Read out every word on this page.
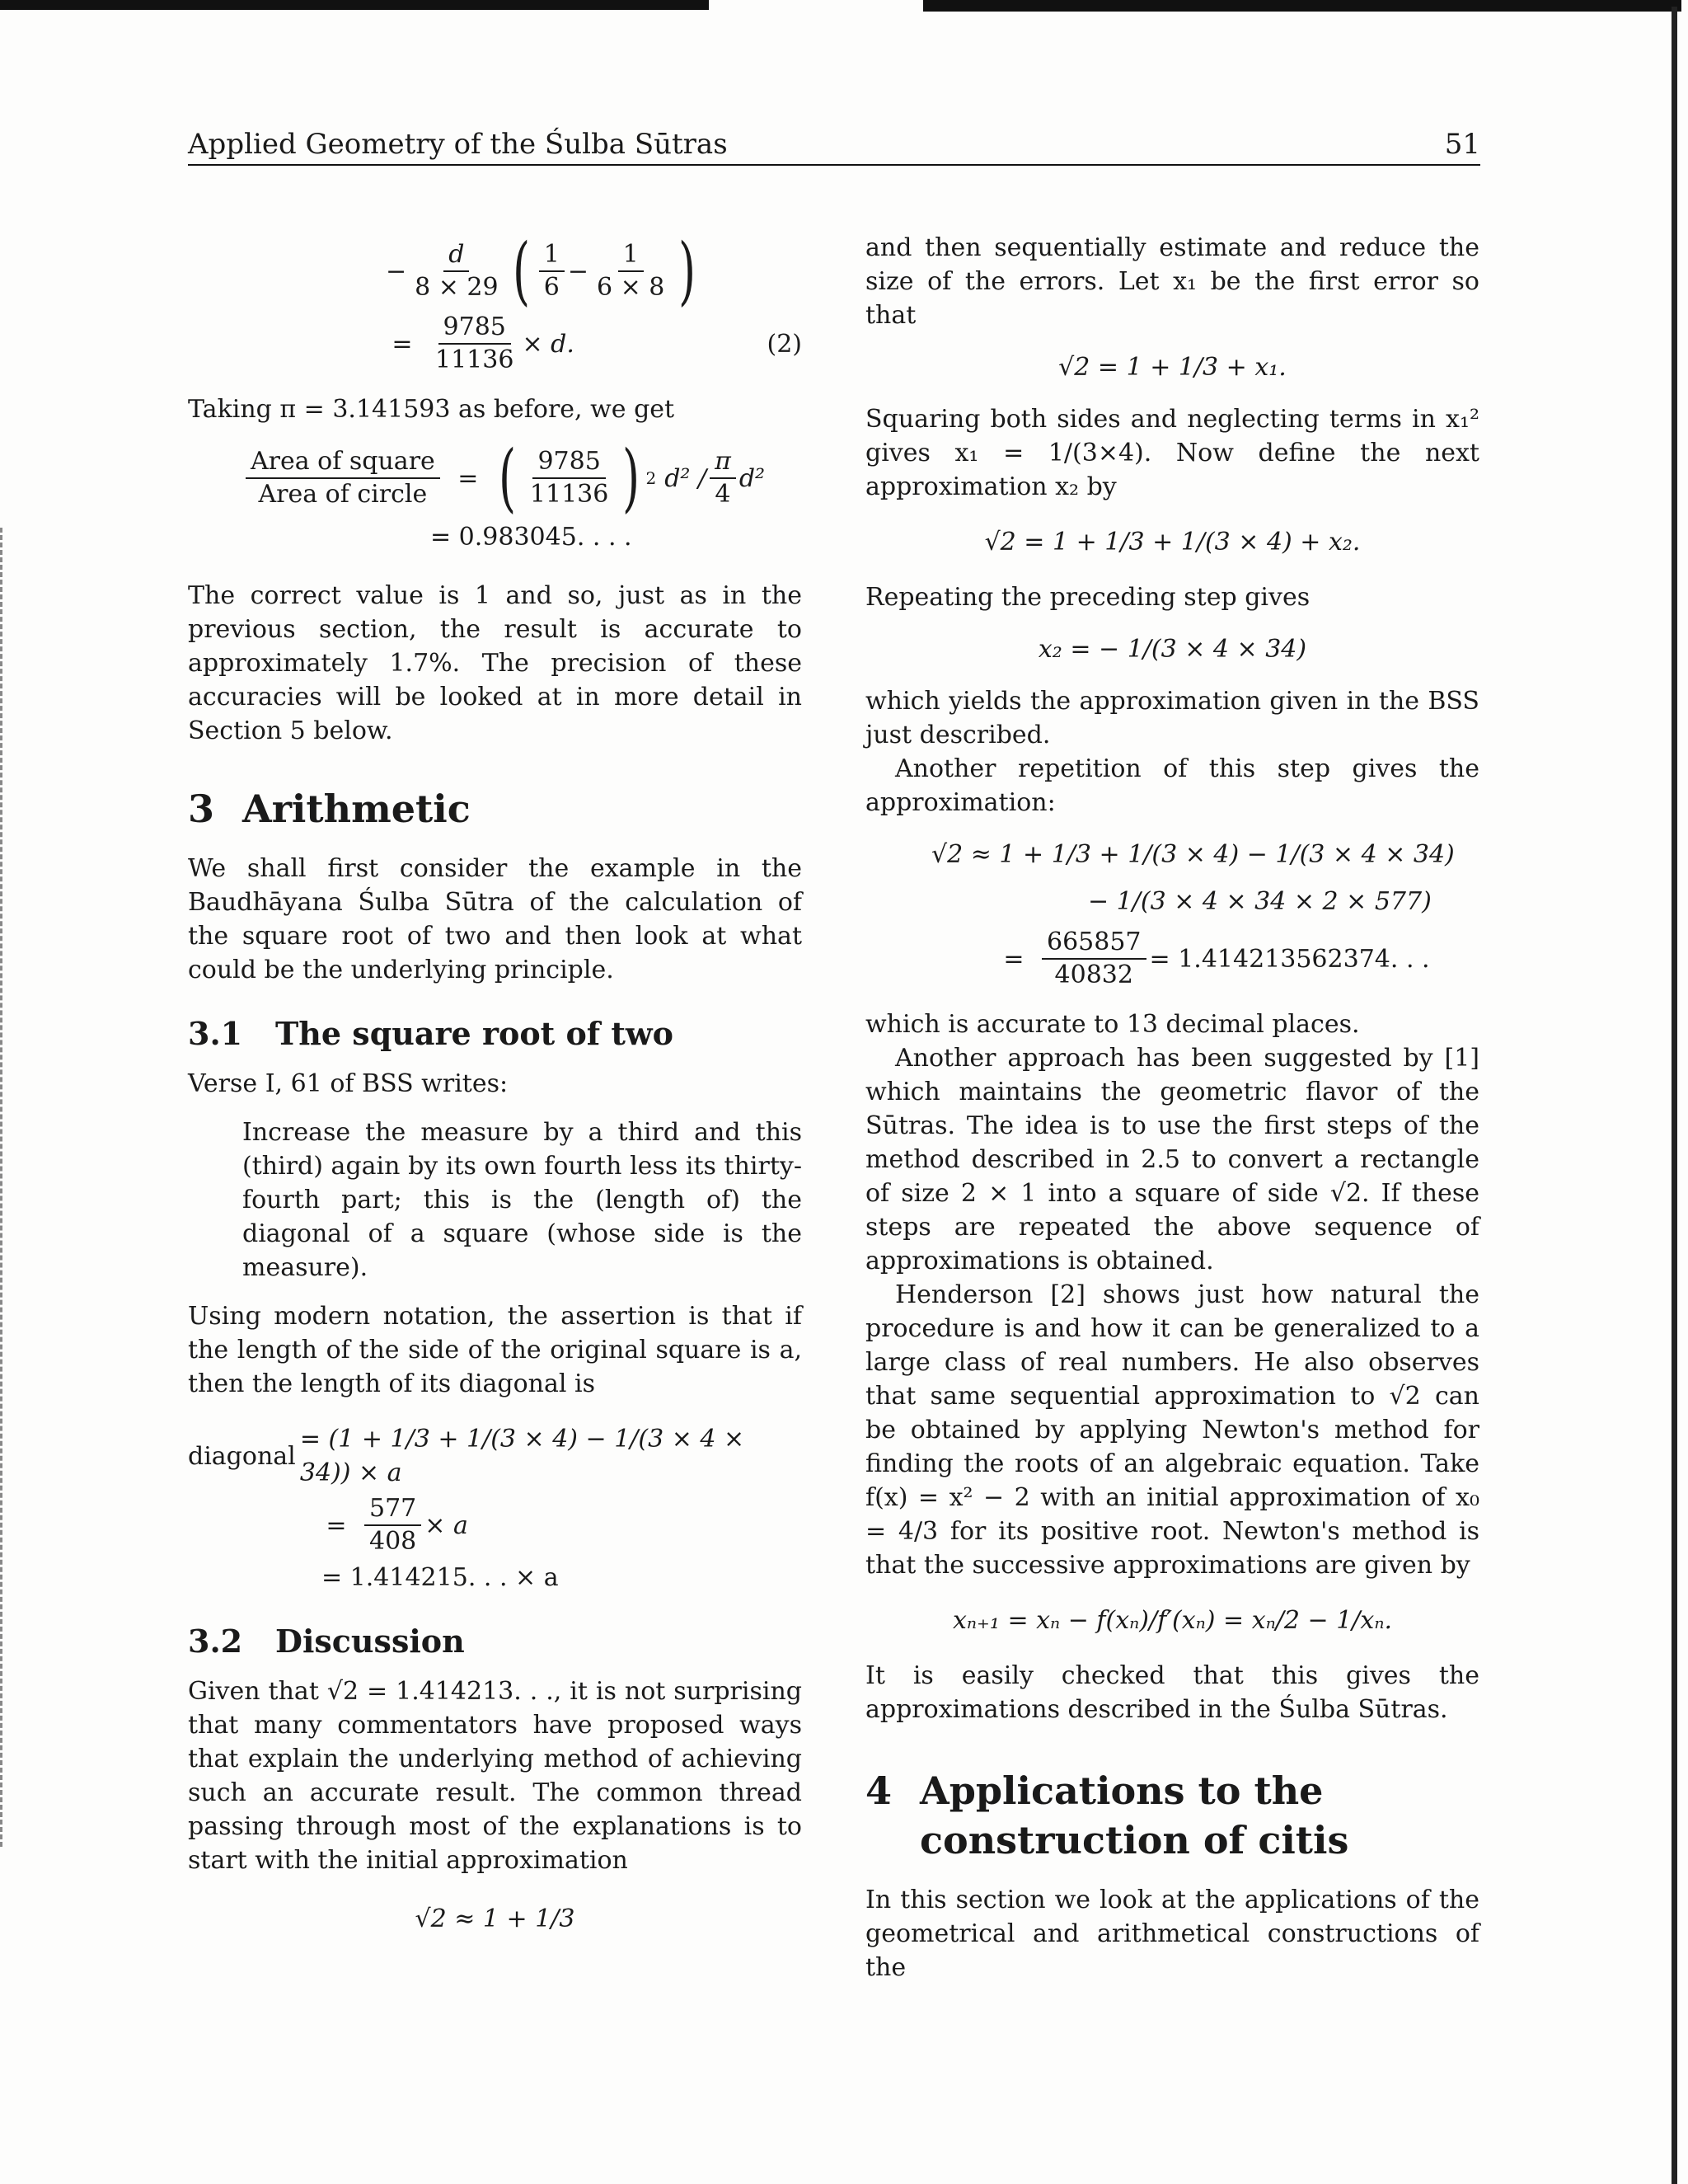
Applied Geometry of the Śulba Sūtras	51
− $\frac{d}{8 \times 29}$ ( $\frac{1}{6} - \frac{1}{6 \times 8}$ )
= $\frac{9785}{11136} \times d$.	(2)

Taking π = 3.141593 as before, we get

$\frac{\text{Area of square}}{\text{Area of circle}}$ = ( $\frac{9785}{11136}$ ) 2 $d^2 / \frac{\pi}{4} d^2$
= 0.983045. . . .

The correct value is 1 and so, just as in the previous section, the result is accurate to approximately 1.7%. The precision of these accuracies will be looked at in more detail in Section 5 below.

3 Arithmetic

We shall first consider the example in the Baudhāyana Śulba Sūtra of the calculation of the square root of two and then look at what could be the underlying principle.

3.1 The square root of two

Verse I, 61 of BSS writes:

Increase the measure by a third and this (third) again by its own fourth less its thirty-fourth part; this is the (length of) the diagonal of a square (whose side is the measure).

Using modern notation, the assertion is that if the length of the side of the original square is a, then the length of its diagonal is

diagonal
= (1 + 1/3 + 1/(3 × 4) − 1/(3 × 4 × 34)) × a
= $\frac{577}{408} \times a$
= 1.414215. . . × a
3.2 Discussion

Given that √2 = 1.414213. . ., it is not surprising that many commentators have proposed ways that explain the underlying method of achieving such an accurate result. The common thread passing through most of the explanations is to start with the initial approximation

√2 ≈ 1 + 1/3

and then sequentially estimate and reduce the size of the errors. Let x₁ be the first error so that

√2 = 1 + 1/3 + x₁.

Squaring both sides and neglecting terms in x₁² gives x₁ = 1/(3×4). Now define the next approximation x₂ by

√2 = 1 + 1/3 + 1/(3 × 4) + x₂.

Repeating the preceding step gives

x₂ = − 1/(3 × 4 × 34)

which yields the approximation given in the BSS just described.

Another repetition of this step gives the approximation:

√2 ≈ 1 + 1/3 + 1/(3 × 4) − 1/(3 × 4 × 34)
− 1/(3 × 4 × 34 × 2 × 577)
= $\frac{665857}{40832} = 1.414213562374$. . .

which is accurate to 13 decimal places.

Another approach has been suggested by [1] which maintains the geometric flavor of the Sūtras. The idea is to use the first steps of the method described in 2.5 to convert a rectangle of size 2 × 1 into a square of side √2. If these steps are repeated the above sequence of approximations is obtained.

Henderson [2] shows just how natural the procedure is and how it can be generalized to a large class of real numbers. He also observes that same sequential approximation to √2 can be obtained by applying Newton's method for finding the roots of an algebraic equation. Take f(x) = x² − 2 with an initial approximation of x₀ = 4/3 for its positive root. Newton's method is that the successive approximations are given by

xₙ₊₁ = xₙ − f(xₙ)/f′(xₙ) = xₙ/2 − 1/xₙ.

It is easily checked that this gives the approximations described in the Śulba Sūtras.

4 Applications to the
construction of citis

In this section we look at the applications of the geometrical and arithmetical constructions of the
